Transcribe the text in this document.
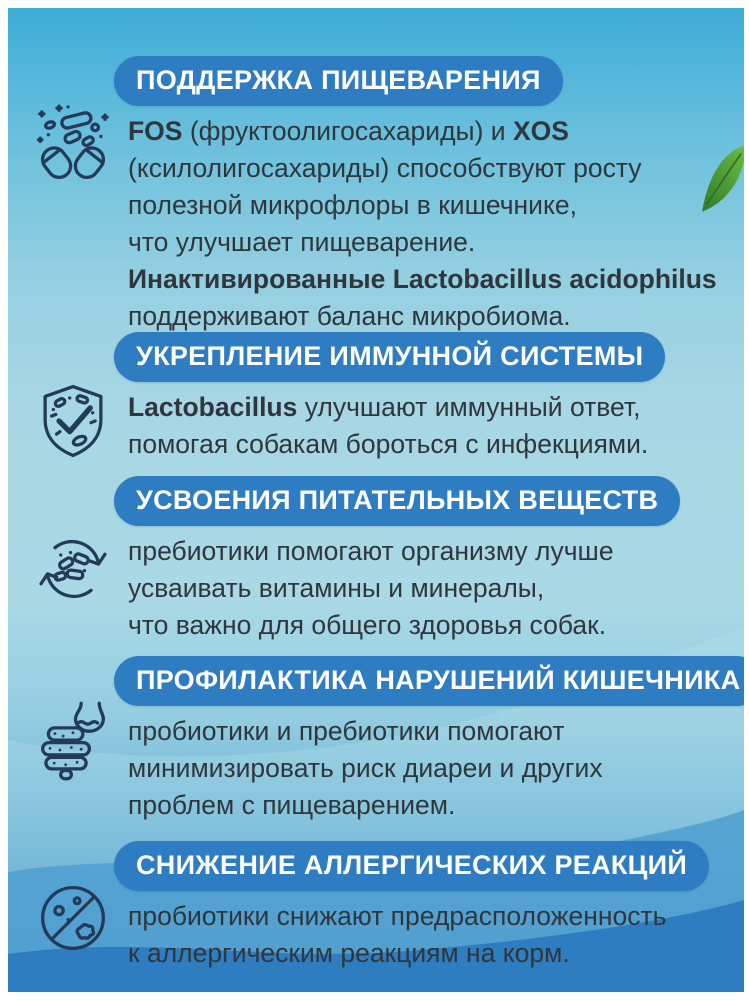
ПОДДЕРЖКА ПИЩЕВАРЕНИЯ
FOS (фруктоолигосахариды) и XOS
(ксилолигосахариды) способствуют росту
полезной микрофлоры в кишечнике,
что улучшает пищеварение.
Инактивированные Lactobacillus acidophilus
поддерживают баланс микробиома.
УКРЕПЛЕНИЕ ИММУННОЙ СИСТЕМЫ
Lactobacillus улучшают иммунный ответ,
помогая собакам бороться с инфекциями.
УСВОЕНИЯ ПИТАТЕЛЬНЫХ ВЕЩЕСТВ
пребиотики помогают организму лучше
усваивать витамины и минералы,
что важно для общего здоровья собак.
ПРОФИЛАКТИКА НАРУШЕНИЙ КИШЕЧНИКА
пробиотики и пребиотики помогают
минимизировать риск диареи и других
проблем с пищеварением.
СНИЖЕНИЕ АЛЛЕРГИЧЕСКИХ РЕАКЦИЙ
пробиотики снижают предрасположенность
к аллергическим реакциям на корм.
